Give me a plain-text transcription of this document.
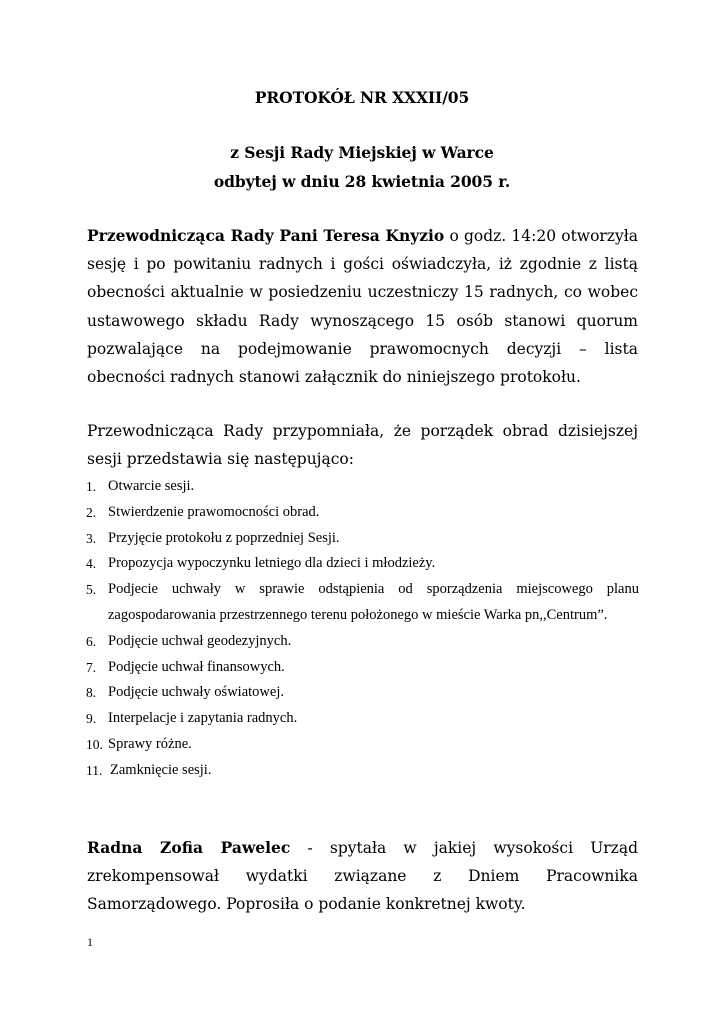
PROTOKÓŁ NR XXXII/05
z Sesji Rady Miejskiej w Warce
odbytej w dniu 28 kwietnia 2005 r.
Przewodnicząca Rady Pani Teresa Knyzio o godz. 14:20 otworzyła sesję i po powitaniu radnych i gości oświadczyła, iż zgodnie z listą obecności aktualnie w posiedzeniu uczestniczy 15 radnych, co wobec ustawowego składu Rady wynoszącego 15 osób stanowi quorum pozwalające na podejmowanie prawomocnych decyzji – lista obecności radnych stanowi załącznik do niniejszego protokołu.
Przewodnicząca Rady przypomniała, że porządek obrad dzisiejszej sesji przedstawia się następująco:
1. Otwarcie sesji.
2. Stwierdzenie prawomocności obrad.
3. Przyjęcie protokołu z poprzedniej Sesji.
4. Propozycja wypoczynku letniego dla dzieci i młodzieży.
5. Podjecie uchwały w sprawie odstąpienia od sporządzenia miejscowego planu zagospodarowania przestrzennego terenu położonego w mieście Warka pn,,Centrum”.
6. Podjęcie uchwał geodezyjnych.
7. Podjęcie uchwał finansowych.
8. Podjęcie uchwały oświatowej.
9. Interpelacje i zapytania radnych.
10. Sprawy różne.
11. Zamknięcie sesji.
Radna Zofia Pawelec - spytała w jakiej wysokości Urząd zrekompensował wydatki związane z Dniem Pracownika Samorządowego. Poprosiła o podanie konkretnej kwoty.
1
